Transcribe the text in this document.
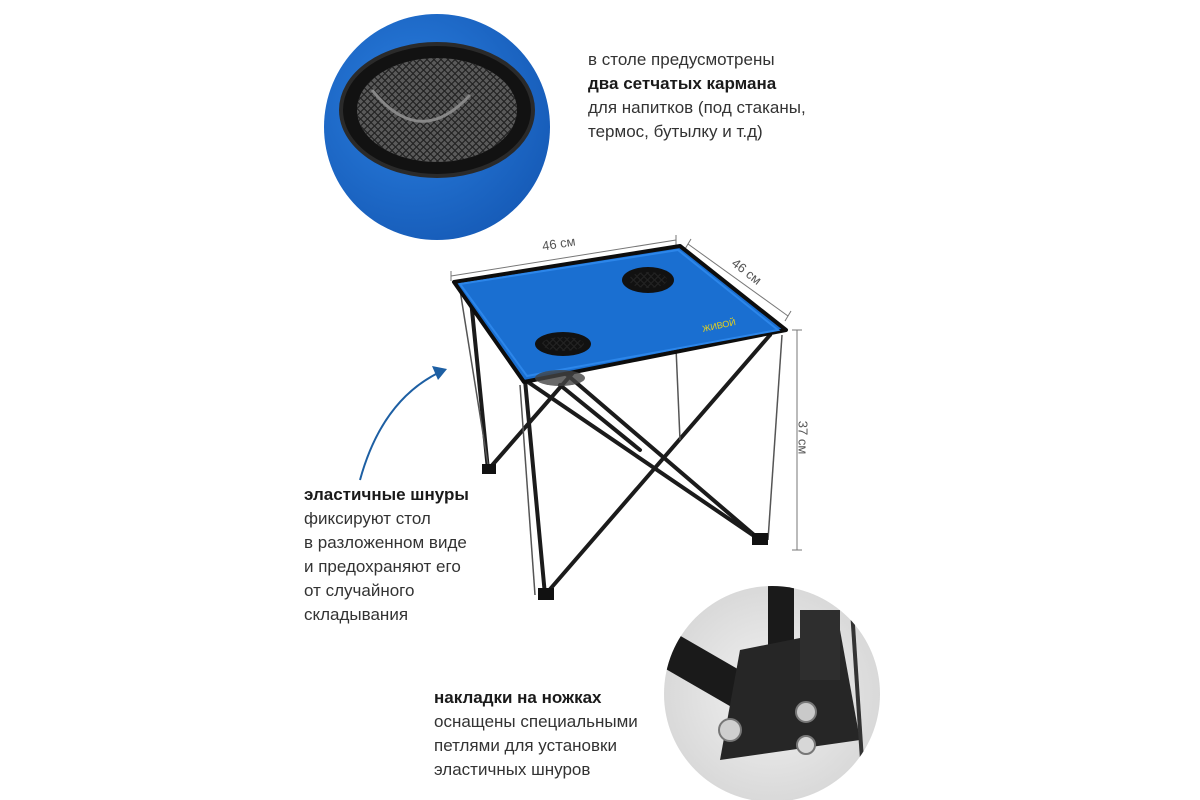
ЖИВОЙ
46 см
46 см
37 см
в столе предусмотрены
два сетчатых кармана
для напитков (под стаканы,
термос, бутылку и т.д)
эластичные шнуры
фиксируют стол
в разложенном виде
и предохраняют его
от случайного
складывания
накладки на ножках
оснащены специальными
петлями для установки
эластичных шнуров
